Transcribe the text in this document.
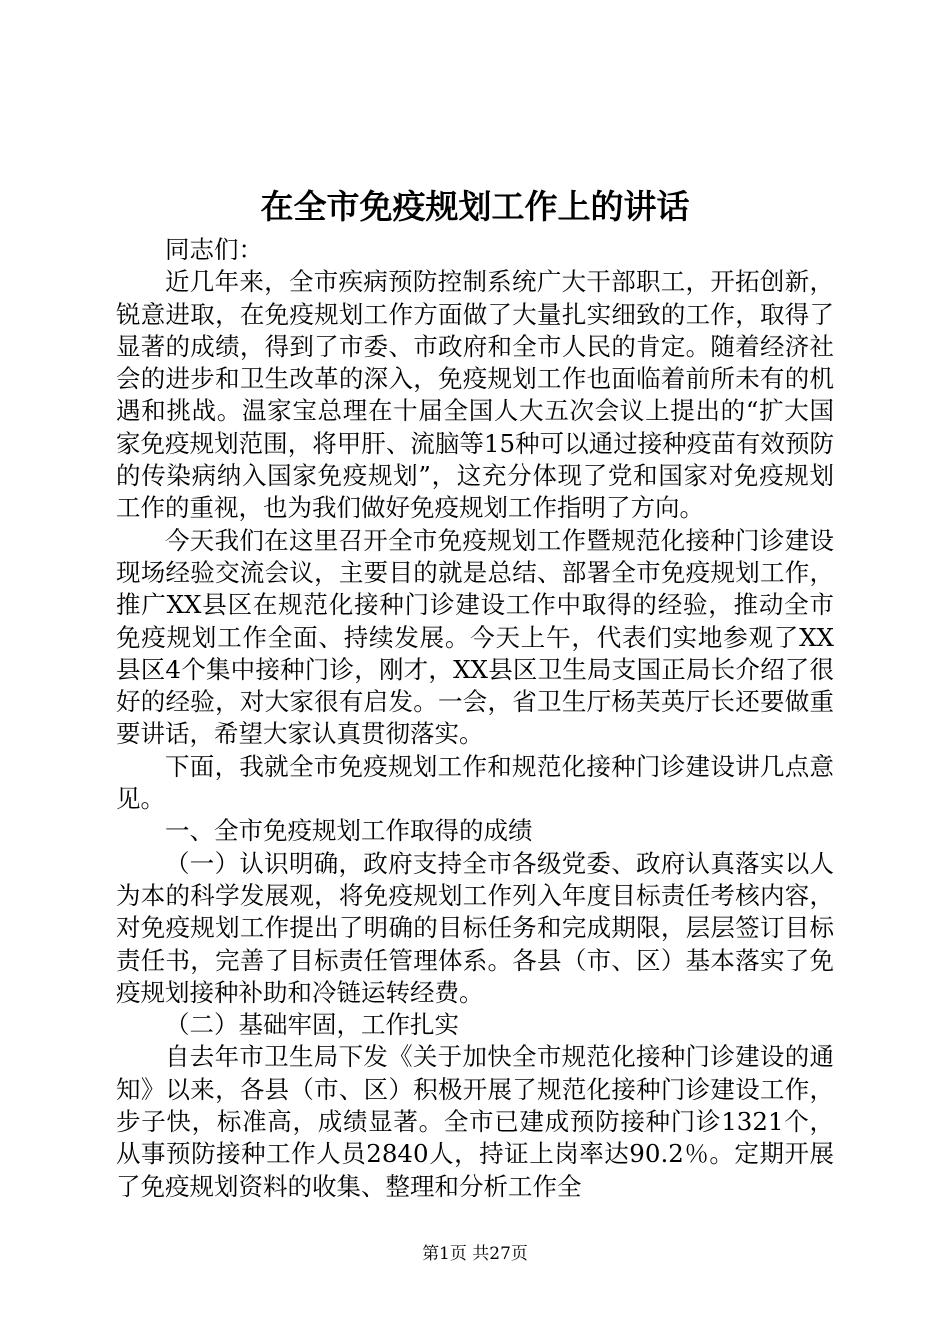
在全市免疫规划工作上的讲话

同志们：

近几年来，全市疾病预防控制系统广大干部职工，开拓创新，锐意进取，在免疫规划工作方面做了大量扎实细致的工作，取得了显著的成绩，得到了市委、市政府和全市人民的肯定。随着经济社会的进步和卫生改革的深入，免疫规划工作也面临着前所未有的机遇和挑战。温家宝总理在十届全国人大五次会议上提出的“扩大国家免疫规划范围，将甲肝、流脑等15种可以通过接种疫苗有效预防的传染病纳入国家免疫规划”，这充分体现了党和国家对免疫规划工作的重视，也为我们做好免疫规划工作指明了方向。

今天我们在这里召开全市免疫规划工作暨规范化接种门诊建设现场经验交流会议，主要目的就是总结、部署全市免疫规划工作，推广XX县区在规范化接种门诊建设工作中取得的经验，推动全市免疫规划工作全面、持续发展。今天上午，代表们实地参观了XX县区4个集中接种门诊，刚才，XX县区卫生局支国正局长介绍了很好的经验，对大家很有启发。一会，省卫生厅杨芙英厅长还要做重要讲话，希望大家认真贯彻落实。

下面，我就全市免疫规划工作和规范化接种门诊建设讲几点意见。

一、全市免疫规划工作取得的成绩

（一）认识明确，政府支持全市各级党委、政府认真落实以人为本的科学发展观，将免疫规划工作列入年度目标责任考核内容，对免疫规划工作提出了明确的目标任务和完成期限，层层签订目标责任书，完善了目标责任管理体系。各县（市、区）基本落实了免疫规划接种补助和冷链运转经费。

（二）基础牢固，工作扎实

自去年市卫生局下发《关于加快全市规范化接种门诊建设的通知》以来，各县（市、区）积极开展了规范化接种门诊建设工作，步子快，标准高，成绩显著。全市已建成预防接种门诊1321个，从事预防接种工作人员2840人，持证上岗率达90.2％。定期开展了免疫规划资料的收集、整理和分析工作全

第1页 共27页
